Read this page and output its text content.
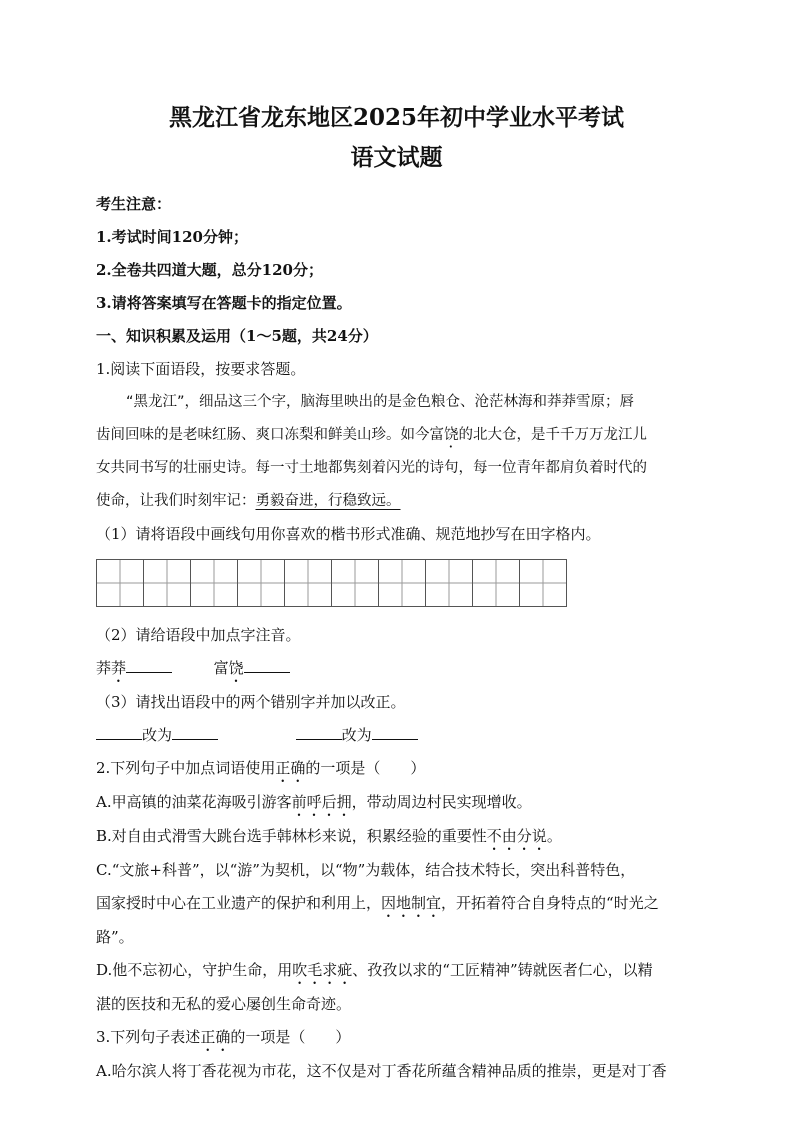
黑龙江省龙东地区2025年初中学业水平考试
语文试题
考生注意：
1.考试时间120分钟；
2.全卷共四道大题，总分120分；
3.请将答案填写在答题卡的指定位置。
一、知识积累及运用（1～5题，共24分）
1.阅读下面语段，按要求答题。

“黑龙江”，细品这三个字，脑海里映出的是金色粮仓、沧茫林海和莽莽雪原；唇

齿间回味的是老味红肠、爽口冻梨和鲜美山珍。如今富饶的北大仓，是千千万万龙江儿

女共同书写的壮丽史诗。每一寸土地都隽刻着闪光的诗句，每一位青年都肩负着时代的

使命，让我们时刻牢记：勇毅奋进，行稳致远。

（1）请将语段中画线句用你喜欢的楷书形式准确、规范地抄写在田字格内。
（2）请给语段中加点字注音。
莽莽	富饶
（3）请找出语段中的两个错别字并加以改正。
改为	改为
2.下列句子中加点词语使用正确的一项是（　　）
A.甲高镇的油菜花海吸引游客前呼后拥，带动周边村民实现增收。
B.对自由式滑雪大跳台选手韩林杉来说，积累经验的重要性不由分说。
C.“文旅+科普”，以“游”为契机，以“物”为载体，结合技术特长，突出科普特色，
国家授时中心在工业遗产的保护和利用上，因地制宜，开拓着符合自身特点的“时光之
路”。
D.他不忘初心，守护生命，用吹毛求疵、孜孜以求的“工匠精神”铸就医者仁心，以精
湛的医技和无私的爱心屡创生命奇迹。
3.下列句子表述正确的一项是（　　）
A.哈尔滨人将丁香花视为市花，这不仅是对丁香花所蕴含精神品质的推崇，更是对丁香
